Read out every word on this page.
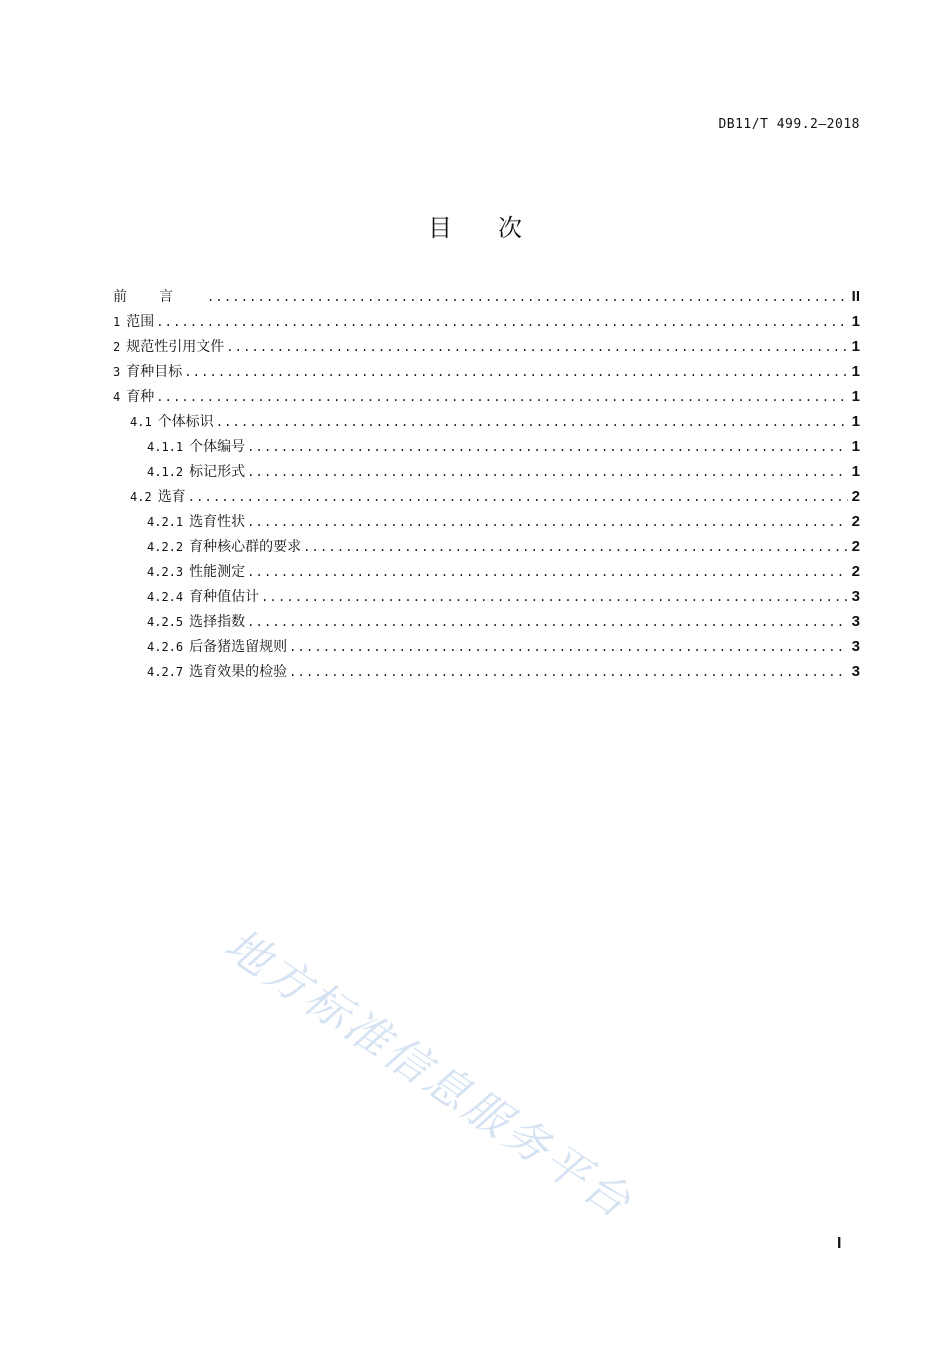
DB11/T 499.2—2018
目次
前言 .....	II
1 范围 .....	1
2 规范性引用文件 .....	1
3 育种目标 .....	1
4 育种 .....	1
4.1 个体标识 .....	1
4.1.1 个体编号 .....	1
4.1.2 标记形式 .....	1
4.2 选育 .....	2
4.2.1 选育性状 .....	2
4.2.2 育种核心群的要求 .....	2
4.2.3 性能测定 .....	2
4.2.4 育种值估计 .....	3
4.2.5 选择指数 .....	3
4.2.6 后备猪选留规则 .....	3
4.2.7 选育效果的检验 .....	3
地方标准信息服务平台
I
